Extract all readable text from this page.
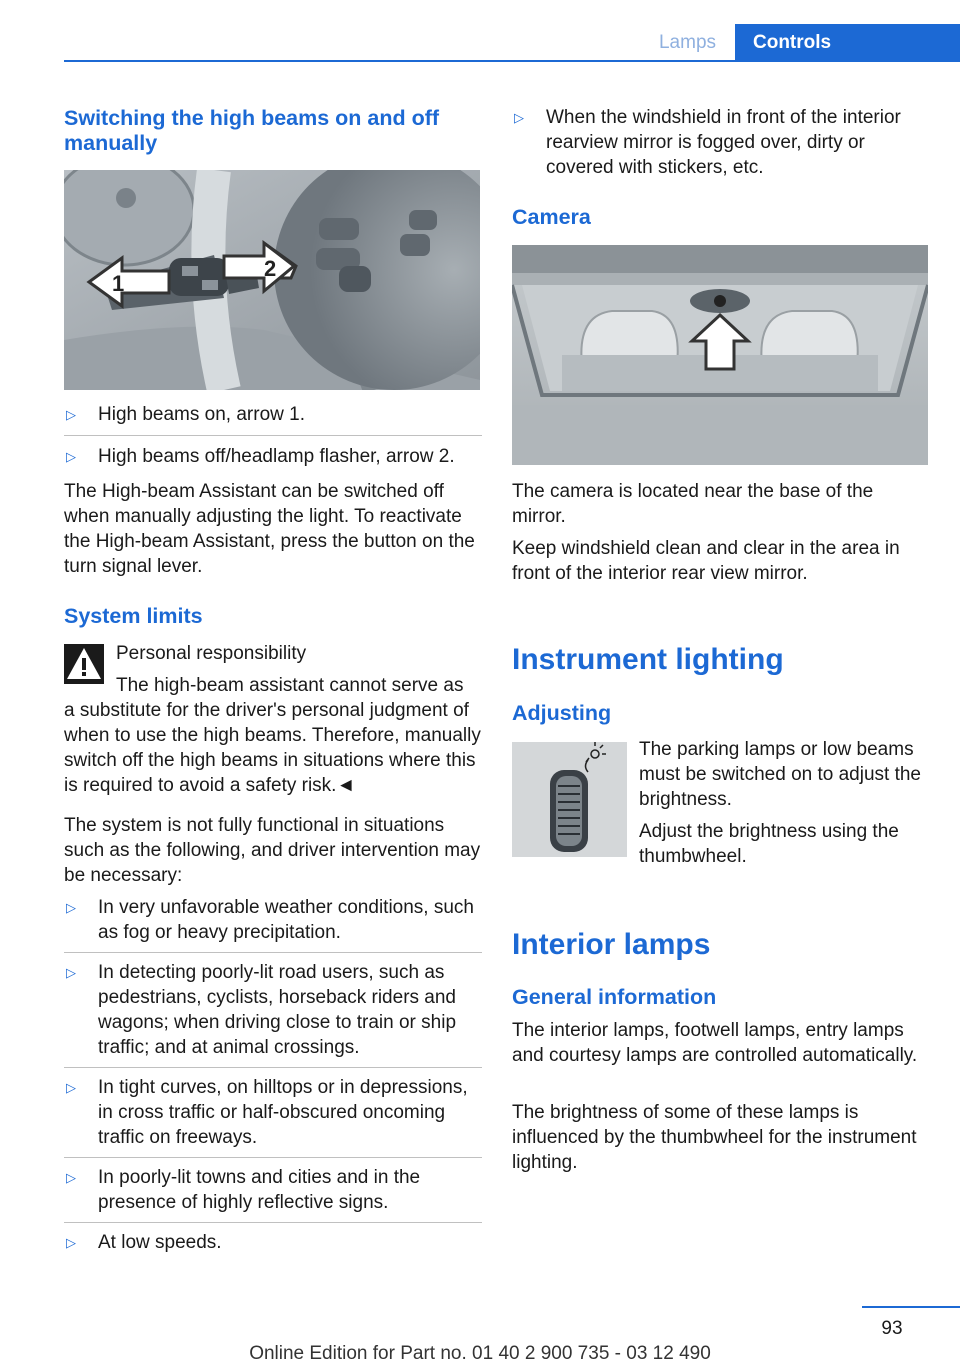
Lamps	Controls
Switching the high beams on and off manually
1
2
▷ High beams on, arrow 1.
▷ High beams off/headlamp flasher, arrow 2.

The High-beam Assistant can be switched off when manually adjusting the light. To reactivate the High-beam Assistant, press the button on the turn signal lever.

System limits

Personal responsibility

The high-beam assistant cannot serve as

a substitute for the driver's personal judgment of when to use the high beams. Therefore, manually switch off the high beams in situations where this is required to avoid a safety risk.◄

The system is not fully functional in situations such as the following, and driver intervention may be necessary:

▷ In very unfavorable weather conditions, such as fog or heavy precipitation.
▷ In detecting poorly-lit road users, such as pedestrians, cyclists, horseback riders and wagons; when driving close to train or ship traffic; and at animal crossings.
▷ In tight curves, on hilltops or in depressions, in cross traffic or half-obscured oncoming traffic on freeways.
▷ In poorly-lit towns and cities and in the presence of highly reflective signs.
▷ At low speeds.
▷ When the windshield in front of the interior rearview mirror is fogged over, dirty or covered with stickers, etc.
Camera

The camera is located near the base of the mirror.

Keep windshield clean and clear in the area in front of the interior rear view mirror.

Instrument lighting
Adjusting

The parking lamps or low beams must be switched on to adjust the brightness.

Adjust the brightness using the thumbwheel.

Interior lamps
General information

The interior lamps, footwell lamps, entry lamps and courtesy lamps are controlled automatically.

The brightness of some of these lamps is influenced by the thumbwheel for the instrument lighting.

93
Online Edition for Part no. 01 40 2 900 735 - 03 12 490
